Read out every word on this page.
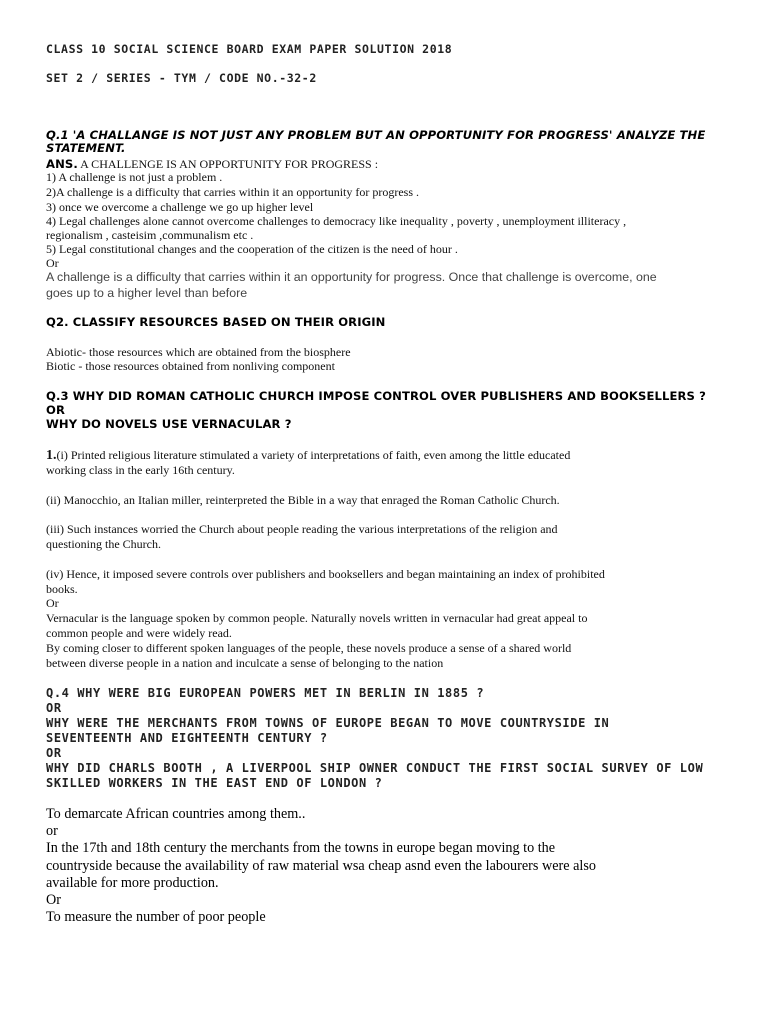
CLASS 10 SOCIAL SCIENCE BOARD EXAM PAPER SOLUTION 2018
SET 2 / SERIES - TYM / CODE NO.-32-2
Q.1 'A CHALLANGE IS NOT JUST ANY PROBLEM BUT AN OPPORTUNITY FOR PROGRESS' ANALYZE THE
STATEMENT.
ANS. A CHALLENGE IS AN OPPORTUNITY FOR PROGRESS :
1) A challenge is not just a problem .
2)A challenge is a difficulty that carries within it an opportunity for progress .
3) once we overcome a challenge we go up higher level
4) Legal challenges alone cannot overcome challenges to democracy like inequality , poverty , unemployment illiteracy ,
regionalism , casteisim ,communalism etc .
5) Legal constitutional changes and the cooperation of the citizen is the need of hour .
Or
A challenge is a difficulty that carries within it an opportunity for progress. Once that challenge is overcome, one
goes up to a higher level than before
Q2. CLASSIFY RESOURCES BASED ON THEIR ORIGIN
Abiotic- those resources which are obtained from the biosphere
Biotic - those resources obtained from nonliving component
Q.3 WHY DID ROMAN CATHOLIC CHURCH IMPOSE CONTROL OVER PUBLISHERS AND BOOKSELLERS ?
OR
WHY DO NOVELS USE VERNACULAR ?
1.(i) Printed religious literature stimulated a variety of interpretations of faith, even among the little educated
working class in the early 16th century.
(ii) Manocchio, an Italian miller, reinterpreted the Bible in a way that enraged the Roman Catholic Church.
(iii) Such instances worried the Church about people reading the various interpretations of the religion and
questioning the Church.
(iv) Hence, it imposed severe controls over publishers and booksellers and began maintaining an index of prohibited
books.
Or
Vernacular is the language spoken by common people. Naturally novels written in vernacular had great appeal to
common people and were widely read.
By coming closer to different spoken languages of the people, these novels produce a sense of a shared world
between diverse people in a nation and inculcate a sense of belonging to the nation
Q.4 WHY WERE BIG EUROPEAN POWERS MET IN BERLIN IN 1885 ?
OR
WHY WERE THE MERCHANTS FROM TOWNS OF EUROPE BEGAN TO MOVE COUNTRYSIDE IN
SEVENTEENTH AND EIGHTEENTH CENTURY ?
OR
WHY DID CHARLS BOOTH , A LIVERPOOL SHIP OWNER CONDUCT THE FIRST SOCIAL SURVEY OF LOW
SKILLED WORKERS IN THE EAST END OF LONDON ?
To demarcate African countries among them..
or
In the 17th and 18th century the merchants from the towns in europe began moving to the
countryside because the availability of raw material wsa cheap asnd even the labourers were also
available for more production.
Or
To measure the number of poor people
